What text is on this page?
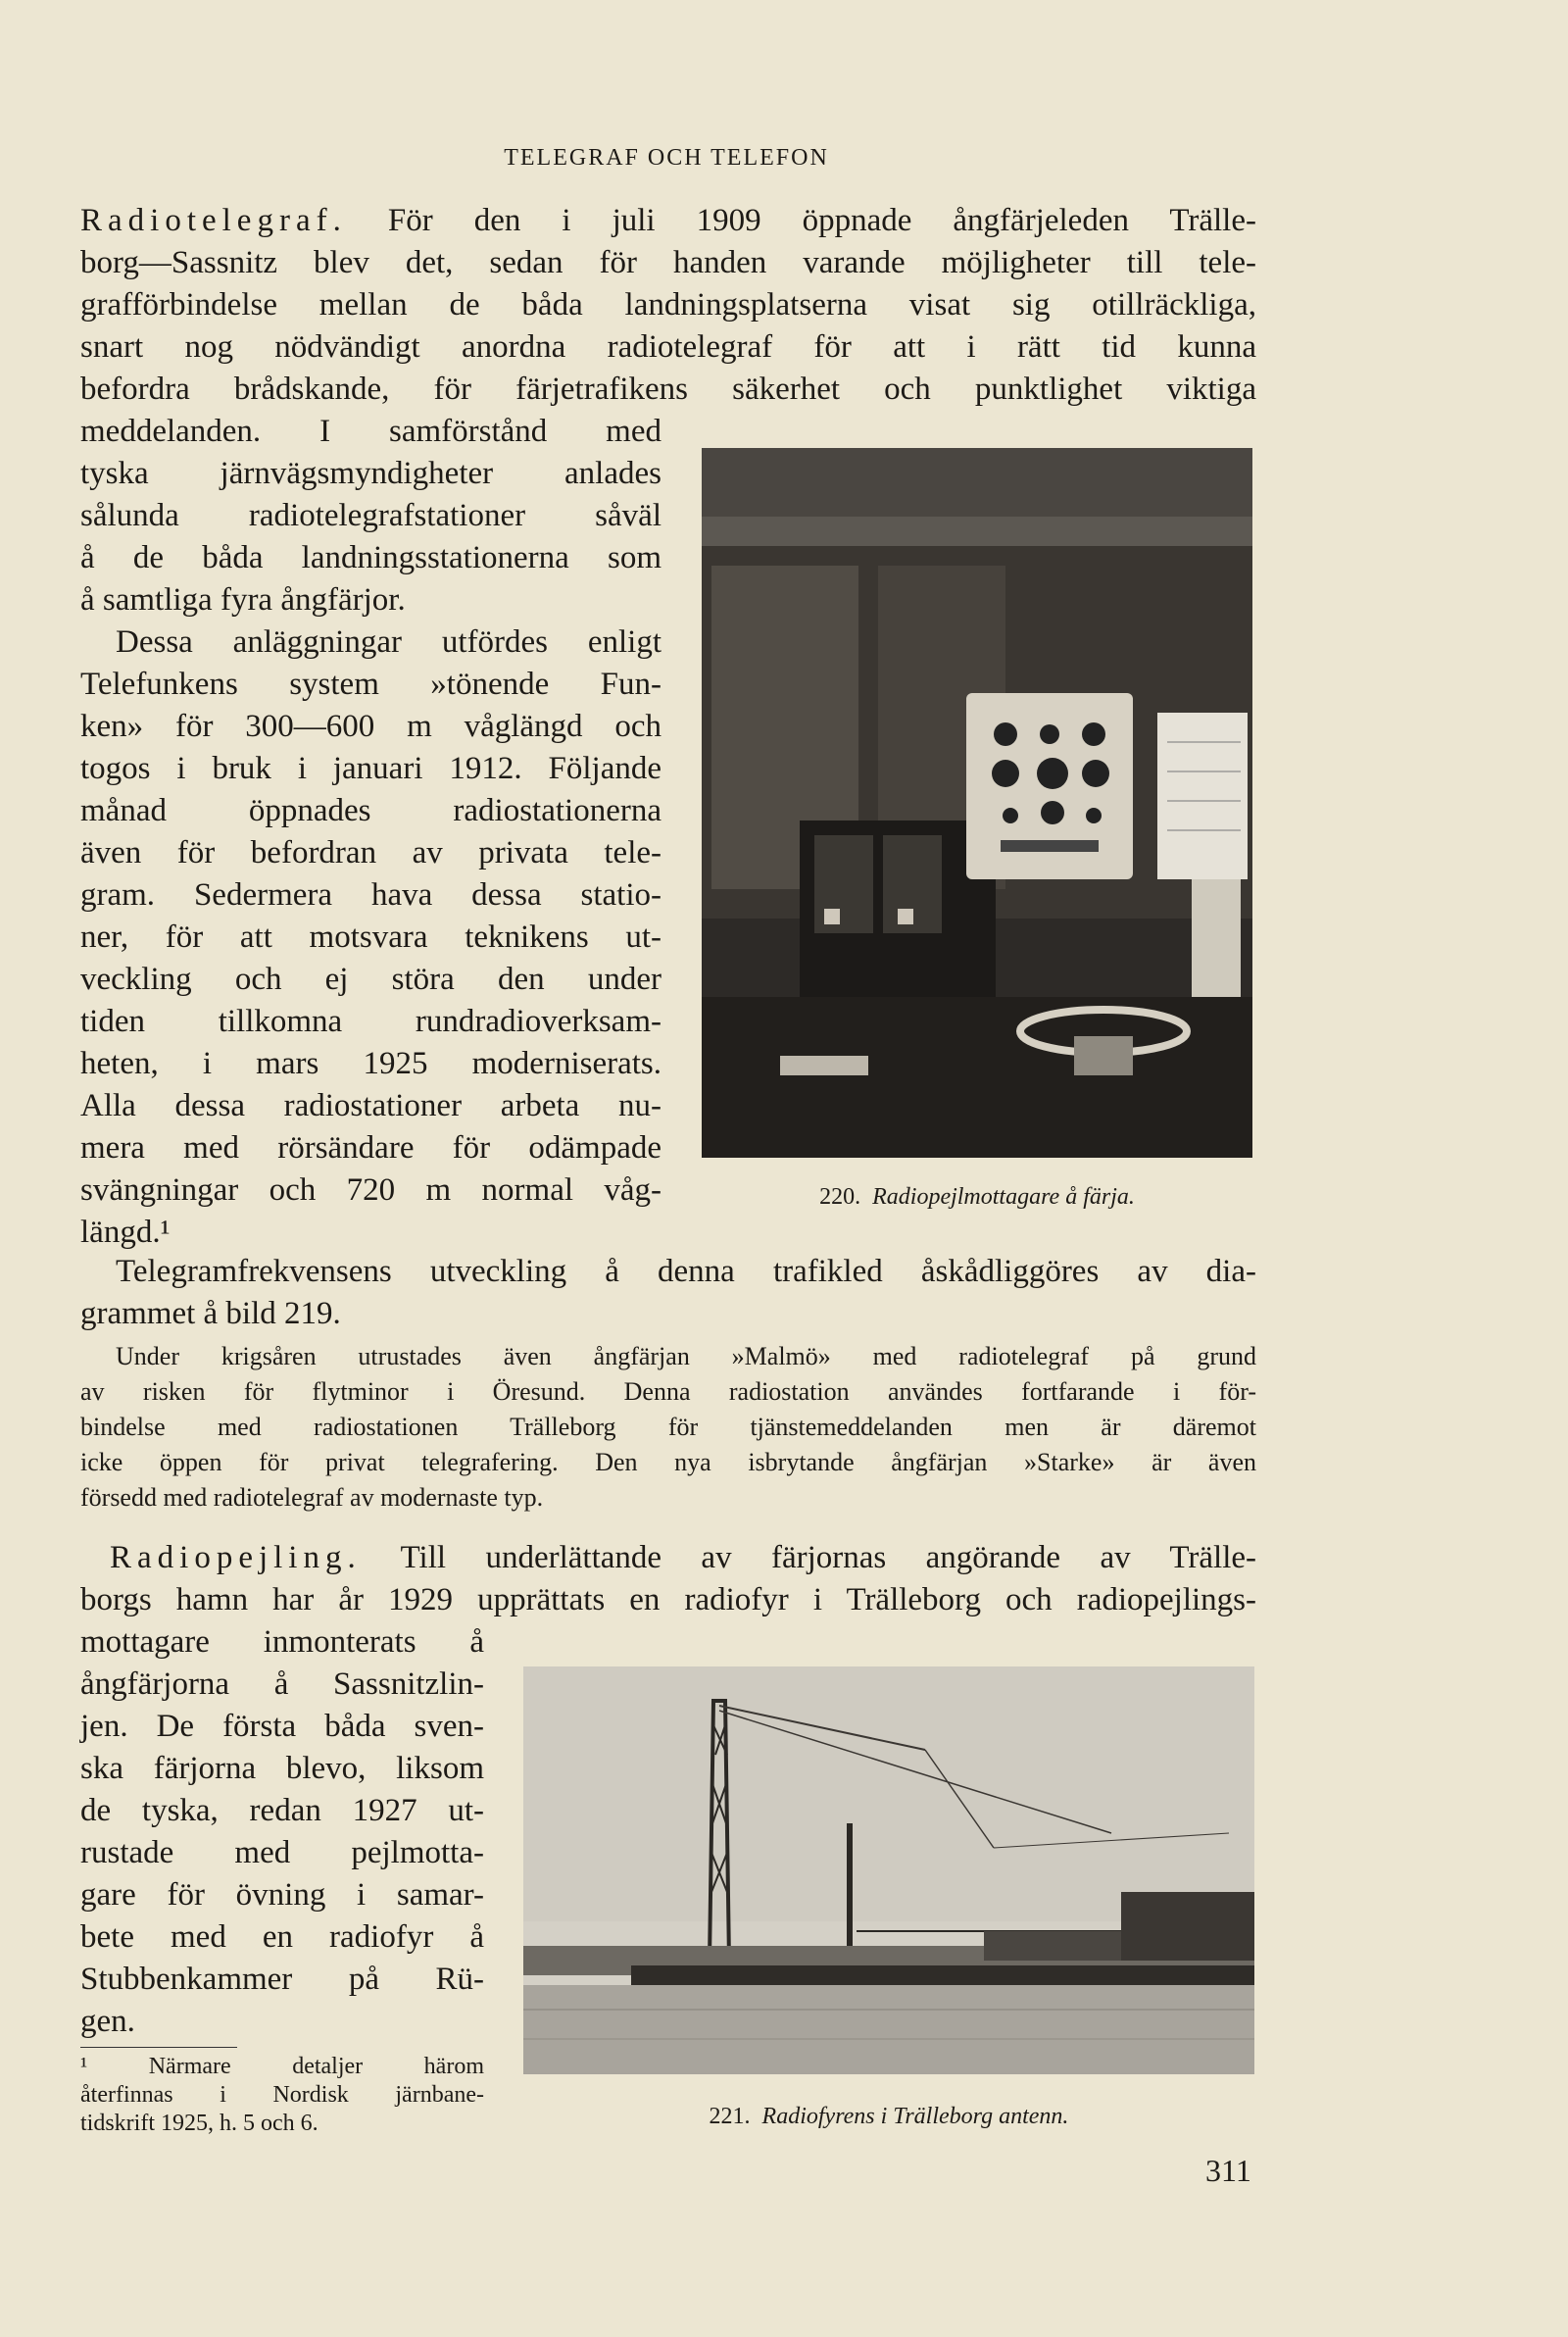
TELEGRAF OCH TELEFON
Radiotelegraf. För den i juli 1909 öppnade ångfärjeleden Trälle-
borg—Sassnitz blev det, sedan för handen varande möjligheter till tele-
grafförbindelse mellan de båda landningsplatserna visat sig otillräckliga,
snart nog nödvändigt anordna radiotelegraf för att i rätt tid kunna
befordra brådskande, för färjetrafikens säkerhet och punktlighet viktiga
meddelanden. I samförstånd med
tyska järnvägsmyndigheter anlades
sålunda radiotelegrafstationer såväl
å de båda landningsstationerna som
å samtliga fyra ångfärjor.
Dessa anläggningar utfördes enligt
Telefunkens system »tönende Fun-
ken» för 300—600 m våglängd och
togos i bruk i januari 1912. Följande
månad öppnades radiostationerna
även för befordran av privata tele-
gram. Sedermera hava dessa statio-
ner, för att motsvara teknikens ut-
veckling och ej störa den under
tiden tillkomna rundradioverksam-
heten, i mars 1925 moderniserats.
Alla dessa radiostationer arbeta nu-
mera med rörsändare för odämpade
svängningar och 720 m normal våg-
längd.¹
220. Radiopejlmottagare å färja.
Telegramfrekvensens utveckling å denna trafikled åskådliggöres av dia-
grammet å bild 219.
Under krigsåren utrustades även ångfärjan »Malmö» med radiotelegraf på grund
av risken för flytminor i Öresund. Denna radiostation användes fortfarande i för-
bindelse med radiostationen Trälleborg för tjänstemeddelanden men är däremot
icke öppen för privat telegrafering. Den nya isbrytande ångfärjan »Starke» är även
försedd med radiotelegraf av modernaste typ.
Radiopejling. Till underlättande av färjornas angörande av Trälle-
borgs hamn har år 1929 upprättats en radiofyr i Trälleborg och radiopejlings-
mottagare inmonterats å
ångfärjorna å Sassnitzlin-
jen. De första båda sven-
ska färjorna blevo, liksom
de tyska, redan 1927 ut-
rustade med pejlmotta-
gare för övning i samar-
bete med en radiofyr å
Stubbenkammer på Rü-
gen.
221. Radiofyrens i Trälleborg antenn.
¹ Närmare detaljer härom
återfinnas i Nordisk järnbane-
tidskrift 1925, h. 5 och 6.
311
